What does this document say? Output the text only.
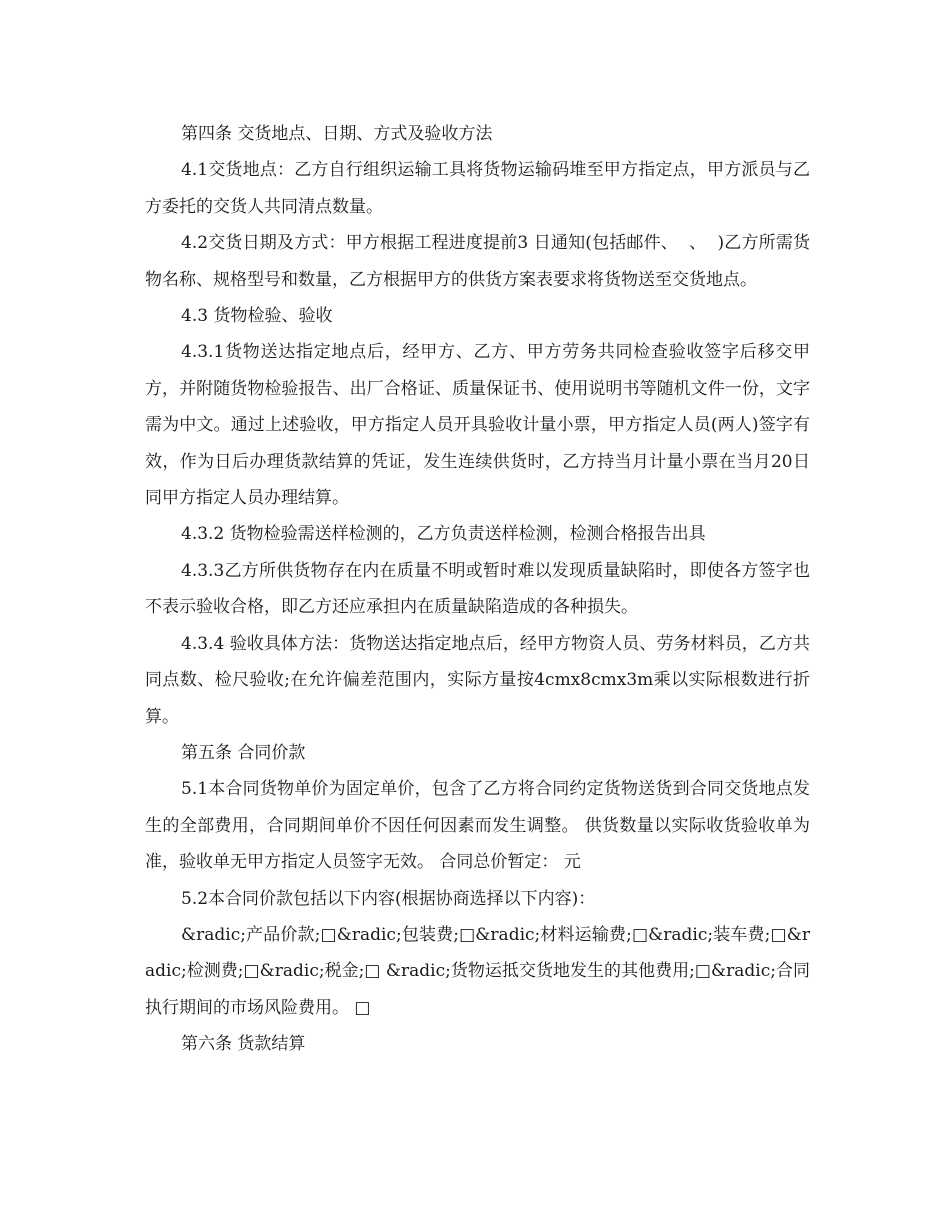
第四条 交货地点、日期、方式及验收方法

4.1交货地点：乙方自行组织运输工具将货物运输码堆至甲方指定点，甲方派员与乙方委托的交货人共同清点数量。

4.2交货日期及方式：甲方根据工程进度提前3 日通知(包括邮件、  、  )乙方所需货物名称、规格型号和数量，乙方根据甲方的供货方案表要求将货物送至交货地点。

4.3 货物检验、验收

4.3.1货物送达指定地点后，经甲方、乙方、甲方劳务共同检查验收签字后移交甲方，并附随货物检验报告、出厂合格证、质量保证书、使用说明书等随机文件一份，文字需为中文。通过上述验收，甲方指定人员开具验收计量小票，甲方指定人员(两人)签字有效，作为日后办理货款结算的凭证，发生连续供货时，乙方持当月计量小票在当月20日同甲方指定人员办理结算。

4.3.2 货物检验需送样检测的，乙方负责送样检测，检测合格报告出具

4.3.3乙方所供货物存在内在质量不明或暂时难以发现质量缺陷时，即使各方签字也不表示验收合格，即乙方还应承担内在质量缺陷造成的各种损失。

4.3.4 验收具体方法：货物送达指定地点后，经甲方物资人员、劳务材料员，乙方共同点数、检尺验收;在允许偏差范围内，实际方量按4cmx8cmx3m乘以实际根数进行折算。

第五条 合同价款

5.1本合同货物单价为固定单价，包含了乙方将合同约定货物送货到合同交货地点发生的全部费用，合同期间单价不因任何因素而发生调整。 供货数量以实际收货验收单为准，验收单无甲方指定人员签字无效。 合同总价暂定： 元

5.2本合同价款包括以下内容(根据协商选择以下内容)：

&radic;产品价款;□&radic;包装费;□&radic;材料运输费;□&radic;装车费;□&radic;检测费;□&radic;税金;□ &radic;货物运抵交货地发生的其他费用;□&radic;合同执行期间的市场风险费用。 □

第六条 货款结算
